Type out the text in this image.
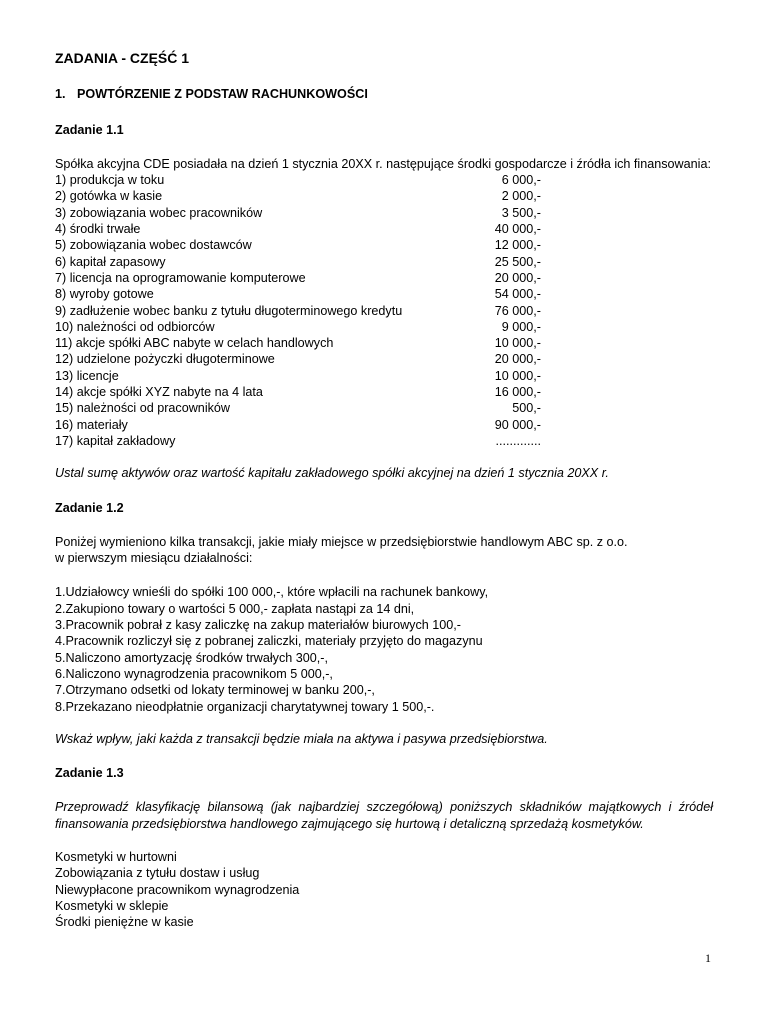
ZADANIA - CZĘŚĆ 1
1. POWTÓRZENIE Z PODSTAW RACHUNKOWOŚCI
Zadanie 1.1

Spółka akcyjna CDE posiadała na dzień 1 stycznia 20XX r. następujące środki gospodarcze i źródła ich finansowania:

1) produkcja w toku	6 000,-
2) gotówka w kasie	2 000,-
3) zobowiązania wobec pracowników	3 500,-
4) środki trwałe	40 000,-
5) zobowiązania wobec dostawców	12 000,-
6) kapitał zapasowy	25 500,-
7) licencja na oprogramowanie komputerowe	20 000,-
8) wyroby gotowe	54 000,-
9) zadłużenie wobec banku z tytułu długoterminowego kredytu	76 000,-
10) należności od odbiorców	9 000,-
11) akcje spółki ABC nabyte w celach handlowych	10 000,-
12) udzielone pożyczki długoterminowe	20 000,-
13) licencje	10 000,-
14) akcje spółki XYZ nabyte na 4 lata	16 000,-
15) należności od pracowników	500,-
16) materiały	90 000,-
17) kapitał zakładowy	.............

Ustal sumę aktywów oraz wartość kapitału zakładowego spółki akcyjnej na dzień 1 stycznia 20XX r.

Zadanie 1.2

Poniżej wymieniono kilka transakcji, jakie miały miejsce w przedsiębiorstwie handlowym ABC sp. z o.o.

w pierwszym miesiącu działalności:

1.Udziałowcy wnieśli do spółki 100 000,-, które wpłacili na rachunek bankowy,
2.Zakupiono towary o wartości 5 000,- zapłata nastąpi za 14 dni,
3.Pracownik pobrał z kasy zaliczkę na zakup materiałów biurowych 100,-
4.Pracownik rozliczył się z pobranej zaliczki, materiały przyjęto do magazynu
5.Naliczono amortyzację środków trwałych 300,-,
6.Naliczono wynagrodzenia pracownikom 5 000,-,
7.Otrzymano odsetki od lokaty terminowej w banku 200,-,
8.Przekazano nieodpłatnie organizacji charytatywnej towary 1 500,-.

Wskaż wpływ, jaki każda z transakcji będzie miała na aktywa i pasywa przedsiębiorstwa.

Zadanie 1.3

Przeprowadź klasyfikację bilansową (jak najbardziej szczegółową) poniższych składników majątkowych i źródeł finansowania przedsiębiorstwa handlowego zajmującego się hurtową i detaliczną sprzedażą kosmetyków.

Kosmetyki w hurtowni
Zobowiązania z tytułu dostaw i usług
Niewypłacone pracownikom wynagrodzenia
Kosmetyki w sklepie
Środki pieniężne w kasie
1
